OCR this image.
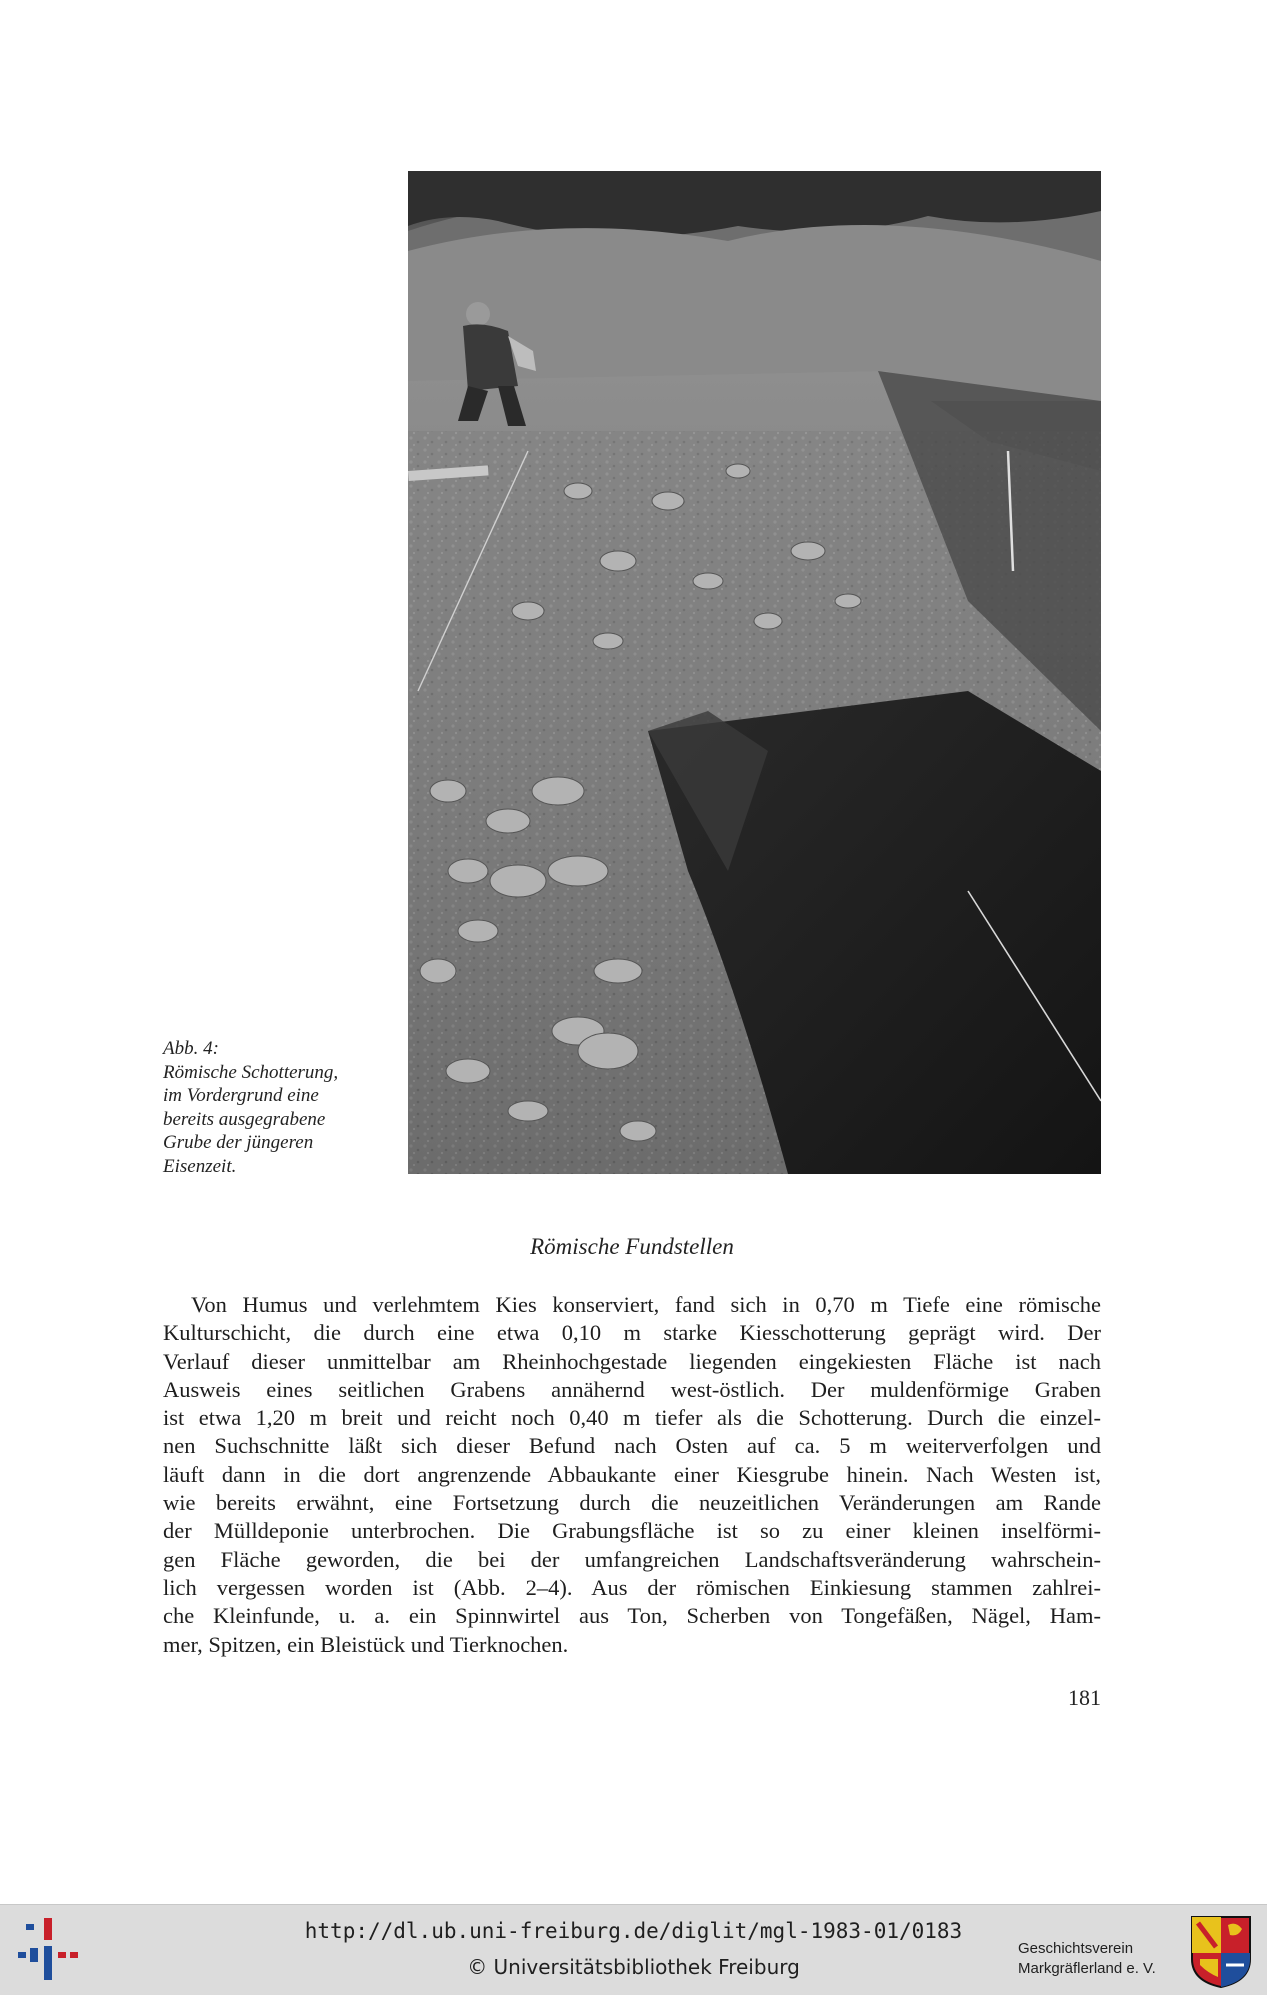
Abb. 4:
Römische Schotterung,
im Vordergrund eine
bereits ausgegrabene
Grube der jüngeren
Eisenzeit.
Römische Fundstellen
Von Humus und verlehmtem Kies konserviert, fand sich in 0,70 m Tiefe eine römische
Kulturschicht, die durch eine etwa 0,10 m starke Kiesschotterung geprägt wird. Der
Verlauf dieser unmittelbar am Rheinhochgestade liegenden eingekiesten Fläche ist nach
Ausweis eines seitlichen Grabens annähernd west-östlich. Der muldenförmige Graben
ist etwa 1,20 m breit und reicht noch 0,40 m tiefer als die Schotterung. Durch die einzel-
nen Suchschnitte läßt sich dieser Befund nach Osten auf ca. 5 m weiterverfolgen und
läuft dann in die dort angrenzende Abbaukante einer Kiesgrube hinein. Nach Westen ist,
wie bereits erwähnt, eine Fortsetzung durch die neuzeitlichen Veränderungen am Rande
der Mülldeponie unterbrochen. Die Grabungsfläche ist so zu einer kleinen inselförmi-
gen Fläche geworden, die bei der umfangreichen Landschaftsveränderung wahrschein-
lich vergessen worden ist (Abb. 2–4). Aus der römischen Einkiesung stammen zahlrei-
che Kleinfunde, u. a. ein Spinnwirtel aus Ton, Scherben von Tongefäßen, Nägel, Ham-
mer, Spitzen, ein Bleistück und Tierknochen.
181
http://dl.ub.uni-freiburg.de/diglit/mgl-1983-01/0183
© Universitätsbibliothek Freiburg
Geschichtsverein
Markgräflerland e. V.
